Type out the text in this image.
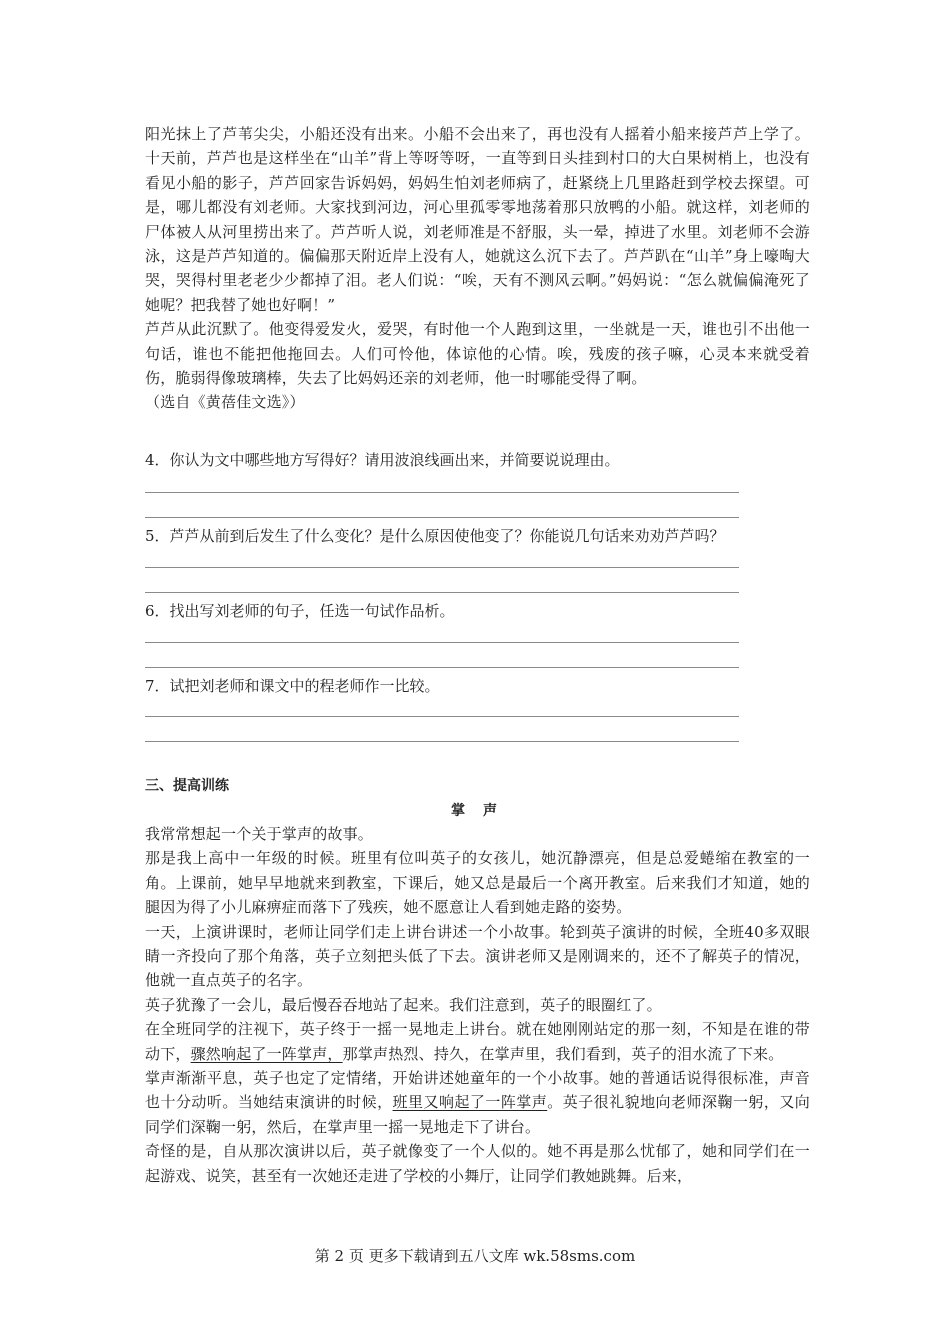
阳光抹上了芦苇尖尖，小船还没有出来。小船不会出来了，再也没有人摇着小船来接芦芦上学了。十天前，芦芦也是这样坐在“山羊”背上等呀等呀，一直等到日头挂到村口的大白果树梢上，也没有看见小船的影子，芦芦回家告诉妈妈，妈妈生怕刘老师病了，赶紧绕上几里路赶到学校去探望。可是，哪儿都没有刘老师。大家找到河边，河心里孤零零地荡着那只放鸭的小船。就这样，刘老师的尸体被人从河里捞出来了。芦芦听人说，刘老师准是不舒服，头一晕，掉进了水里。刘老师不会游泳，这是芦芦知道的。偏偏那天附近岸上没有人，她就这么沉下去了。芦芦趴在“山羊”身上嚎啕大哭，哭得村里老老少少都掉了泪。老人们说：“唉，天有不测风云啊。”妈妈说：“怎么就偏偏淹死了她呢？把我替了她也好啊！”

芦芦从此沉默了。他变得爱发火，爱哭，有时他一个人跑到这里，一坐就是一天，谁也引不出他一句话，谁也不能把他拖回去。人们可怜他，体谅他的心情。唉，残废的孩子嘛，心灵本来就受着伤，脆弱得像玻璃棒，失去了比妈妈还亲的刘老师，他一时哪能受得了啊。

（选自《黄蓓佳文选》）

4．你认为文中哪些地方写得好？请用波浪线画出来，并简要说说理由。
5．芦芦从前到后发生了什么变化？是什么原因使他变了？你能说几句话来劝劝芦芦吗？
6．找出写刘老师的句子，任选一句试作品析。
7．试把刘老师和课文中的程老师作一比较。
三、提高训练
掌　声

我常常想起一个关于掌声的故事。

那是我上高中一年级的时候。班里有位叫英子的女孩儿，她沉静漂亮，但是总爱蜷缩在教室的一角。上课前，她早早地就来到教室，下课后，她又总是最后一个离开教室。后来我们才知道，她的腿因为得了小儿麻痹症而落下了残疾，她不愿意让人看到她走路的姿势。

一天，上演讲课时，老师让同学们走上讲台讲述一个小故事。轮到英子演讲的时候，全班40多双眼睛一齐投向了那个角落，英子立刻把头低了下去。演讲老师又是刚调来的，还不了解英子的情况，他就一直点英子的名字。

英子犹豫了一会儿，最后慢吞吞地站了起来。我们注意到，英子的眼圈红了。

在全班同学的注视下，英子终于一摇一晃地走上讲台。就在她刚刚站定的那一刻，不知是在谁的带动下，骤然响起了一阵掌声，那掌声热烈、持久，在掌声里，我们看到，英子的泪水流了下来。

掌声渐渐平息，英子也定了定情绪，开始讲述她童年的一个小故事。她的普通话说得很标准，声音也十分动听。当她结束演讲的时候，班里又响起了一阵掌声。英子很礼貌地向老师深鞠一躬，又向同学们深鞠一躬，然后，在掌声里一摇一晃地走下了讲台。

奇怪的是，自从那次演讲以后，英子就像变了一个人似的。她不再是那么忧郁了，她和同学们在一起游戏、说笑，甚至有一次她还走进了学校的小舞厅，让同学们教她跳舞。后来，

第 2 页 更多下载请到五八文库 wk.58sms.com
